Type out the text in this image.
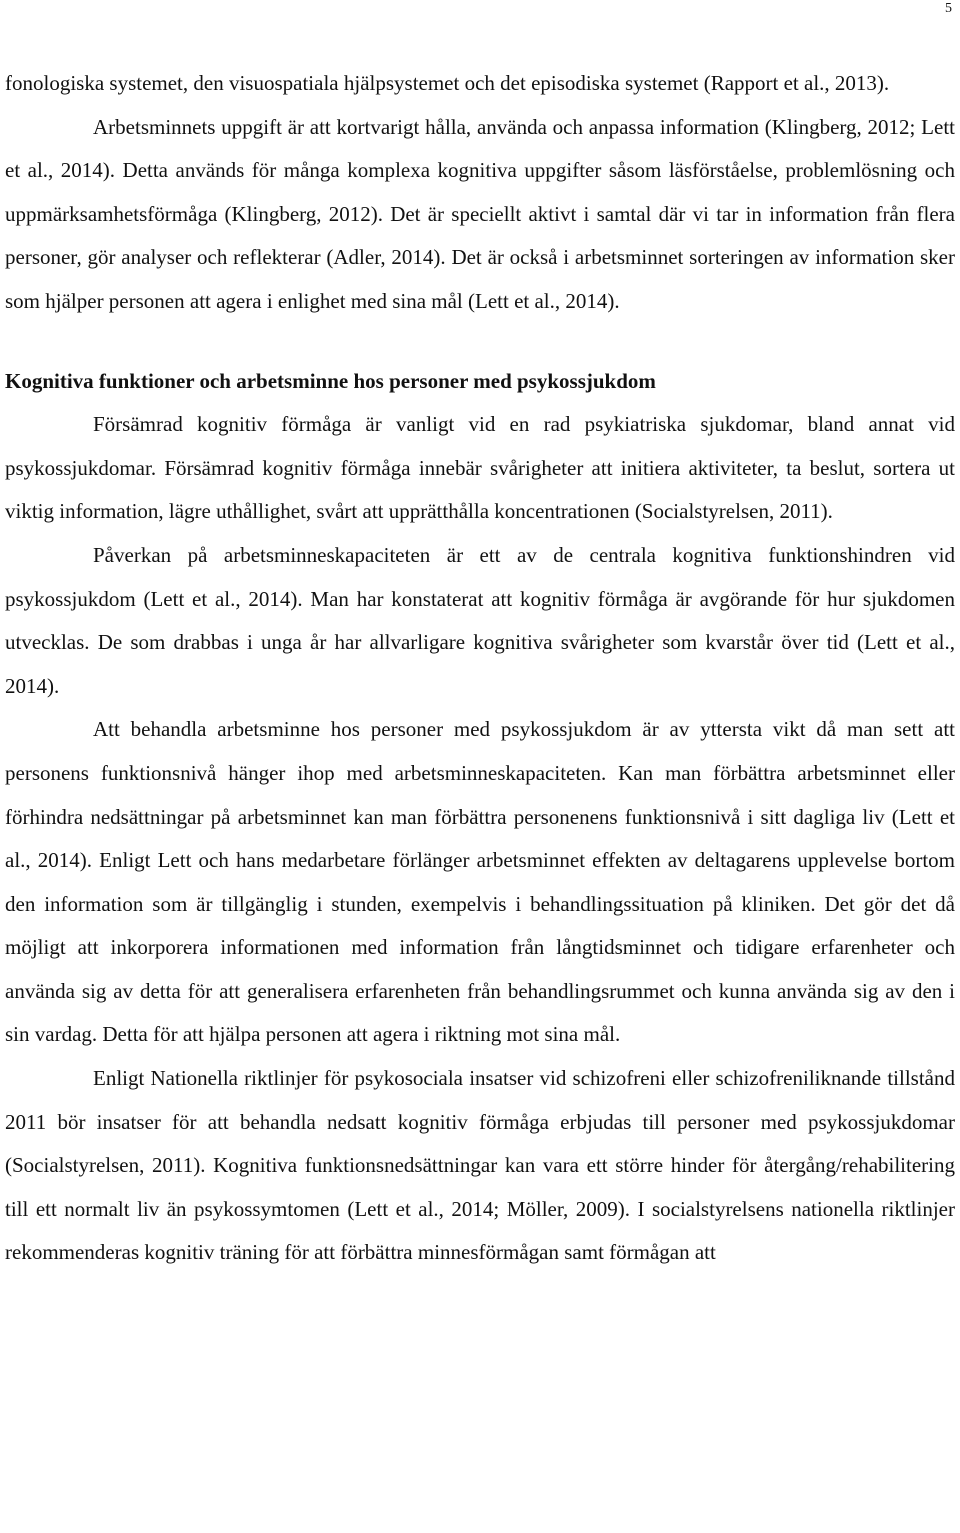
5

fonologiska systemet, den visuospatiala hjälpsystemet och det episodiska systemet (Rapport et al., 2013).

Arbetsminnets uppgift är att kortvarigt hålla, använda och anpassa information (Klingberg, 2012; Lett et al., 2014). Detta används för många komplexa kognitiva uppgifter såsom läsförståelse, problemlösning och uppmärksamhetsförmåga (Klingberg, 2012). Det är speciellt aktivt i samtal där vi tar in information från flera personer, gör analyser och reflekterar (Adler, 2014). Det är också i arbetsminnet sorteringen av information sker som hjälper personen att agera i enlighet med sina mål (Lett et al., 2014).

Kognitiva funktioner och arbetsminne hos personer med psykossjukdom

Försämrad kognitiv förmåga är vanligt vid en rad psykiatriska sjukdomar, bland annat vid psykossjukdomar. Försämrad kognitiv förmåga innebär svårigheter att initiera aktiviteter, ta beslut, sortera ut viktig information, lägre uthållighet, svårt att upprätthålla koncentrationen (Socialstyrelsen, 2011).

Påverkan på arbetsminneskapaciteten är ett av de centrala kognitiva funktionshindren vid psykossjukdom (Lett et al., 2014). Man har konstaterat att kognitiv förmåga är avgörande för hur sjukdomen utvecklas. De som drabbas i unga år har allvarligare kognitiva svårigheter som kvarstår över tid (Lett et al., 2014).

Att behandla arbetsminne hos personer med psykossjukdom är av yttersta vikt då man sett att personens funktionsnivå hänger ihop med arbetsminneskapaciteten. Kan man förbättra arbetsminnet eller förhindra nedsättningar på arbetsminnet kan man förbättra personenens funktionsnivå i sitt dagliga liv (Lett et al., 2014). Enligt Lett och hans medarbetare förlänger arbetsminnet effekten av deltagarens upplevelse bortom den information som är tillgänglig i stunden, exempelvis i behandlingssituation på kliniken. Det gör det då möjligt att inkorporera informationen med information från långtidsminnet och tidigare erfarenheter och använda sig av detta för att generalisera erfarenheten från behandlingsrummet och kunna använda sig av den i sin vardag. Detta för att hjälpa personen att agera i riktning mot sina mål.

Enligt Nationella riktlinjer för psykosociala insatser vid schizofreni eller schizofreniliknande tillstånd 2011 bör insatser för att behandla nedsatt kognitiv förmåga erbjudas till personer med psykossjukdomar (Socialstyrelsen, 2011). Kognitiva funktionsnedsättningar kan vara ett större hinder för återgång/rehabilitering till ett normalt liv än psykossymtomen (Lett et al., 2014; Möller, 2009). I socialstyrelsens nationella riktlinjer rekommenderas kognitiv träning för att förbättra minnesförmågan samt förmågan att
